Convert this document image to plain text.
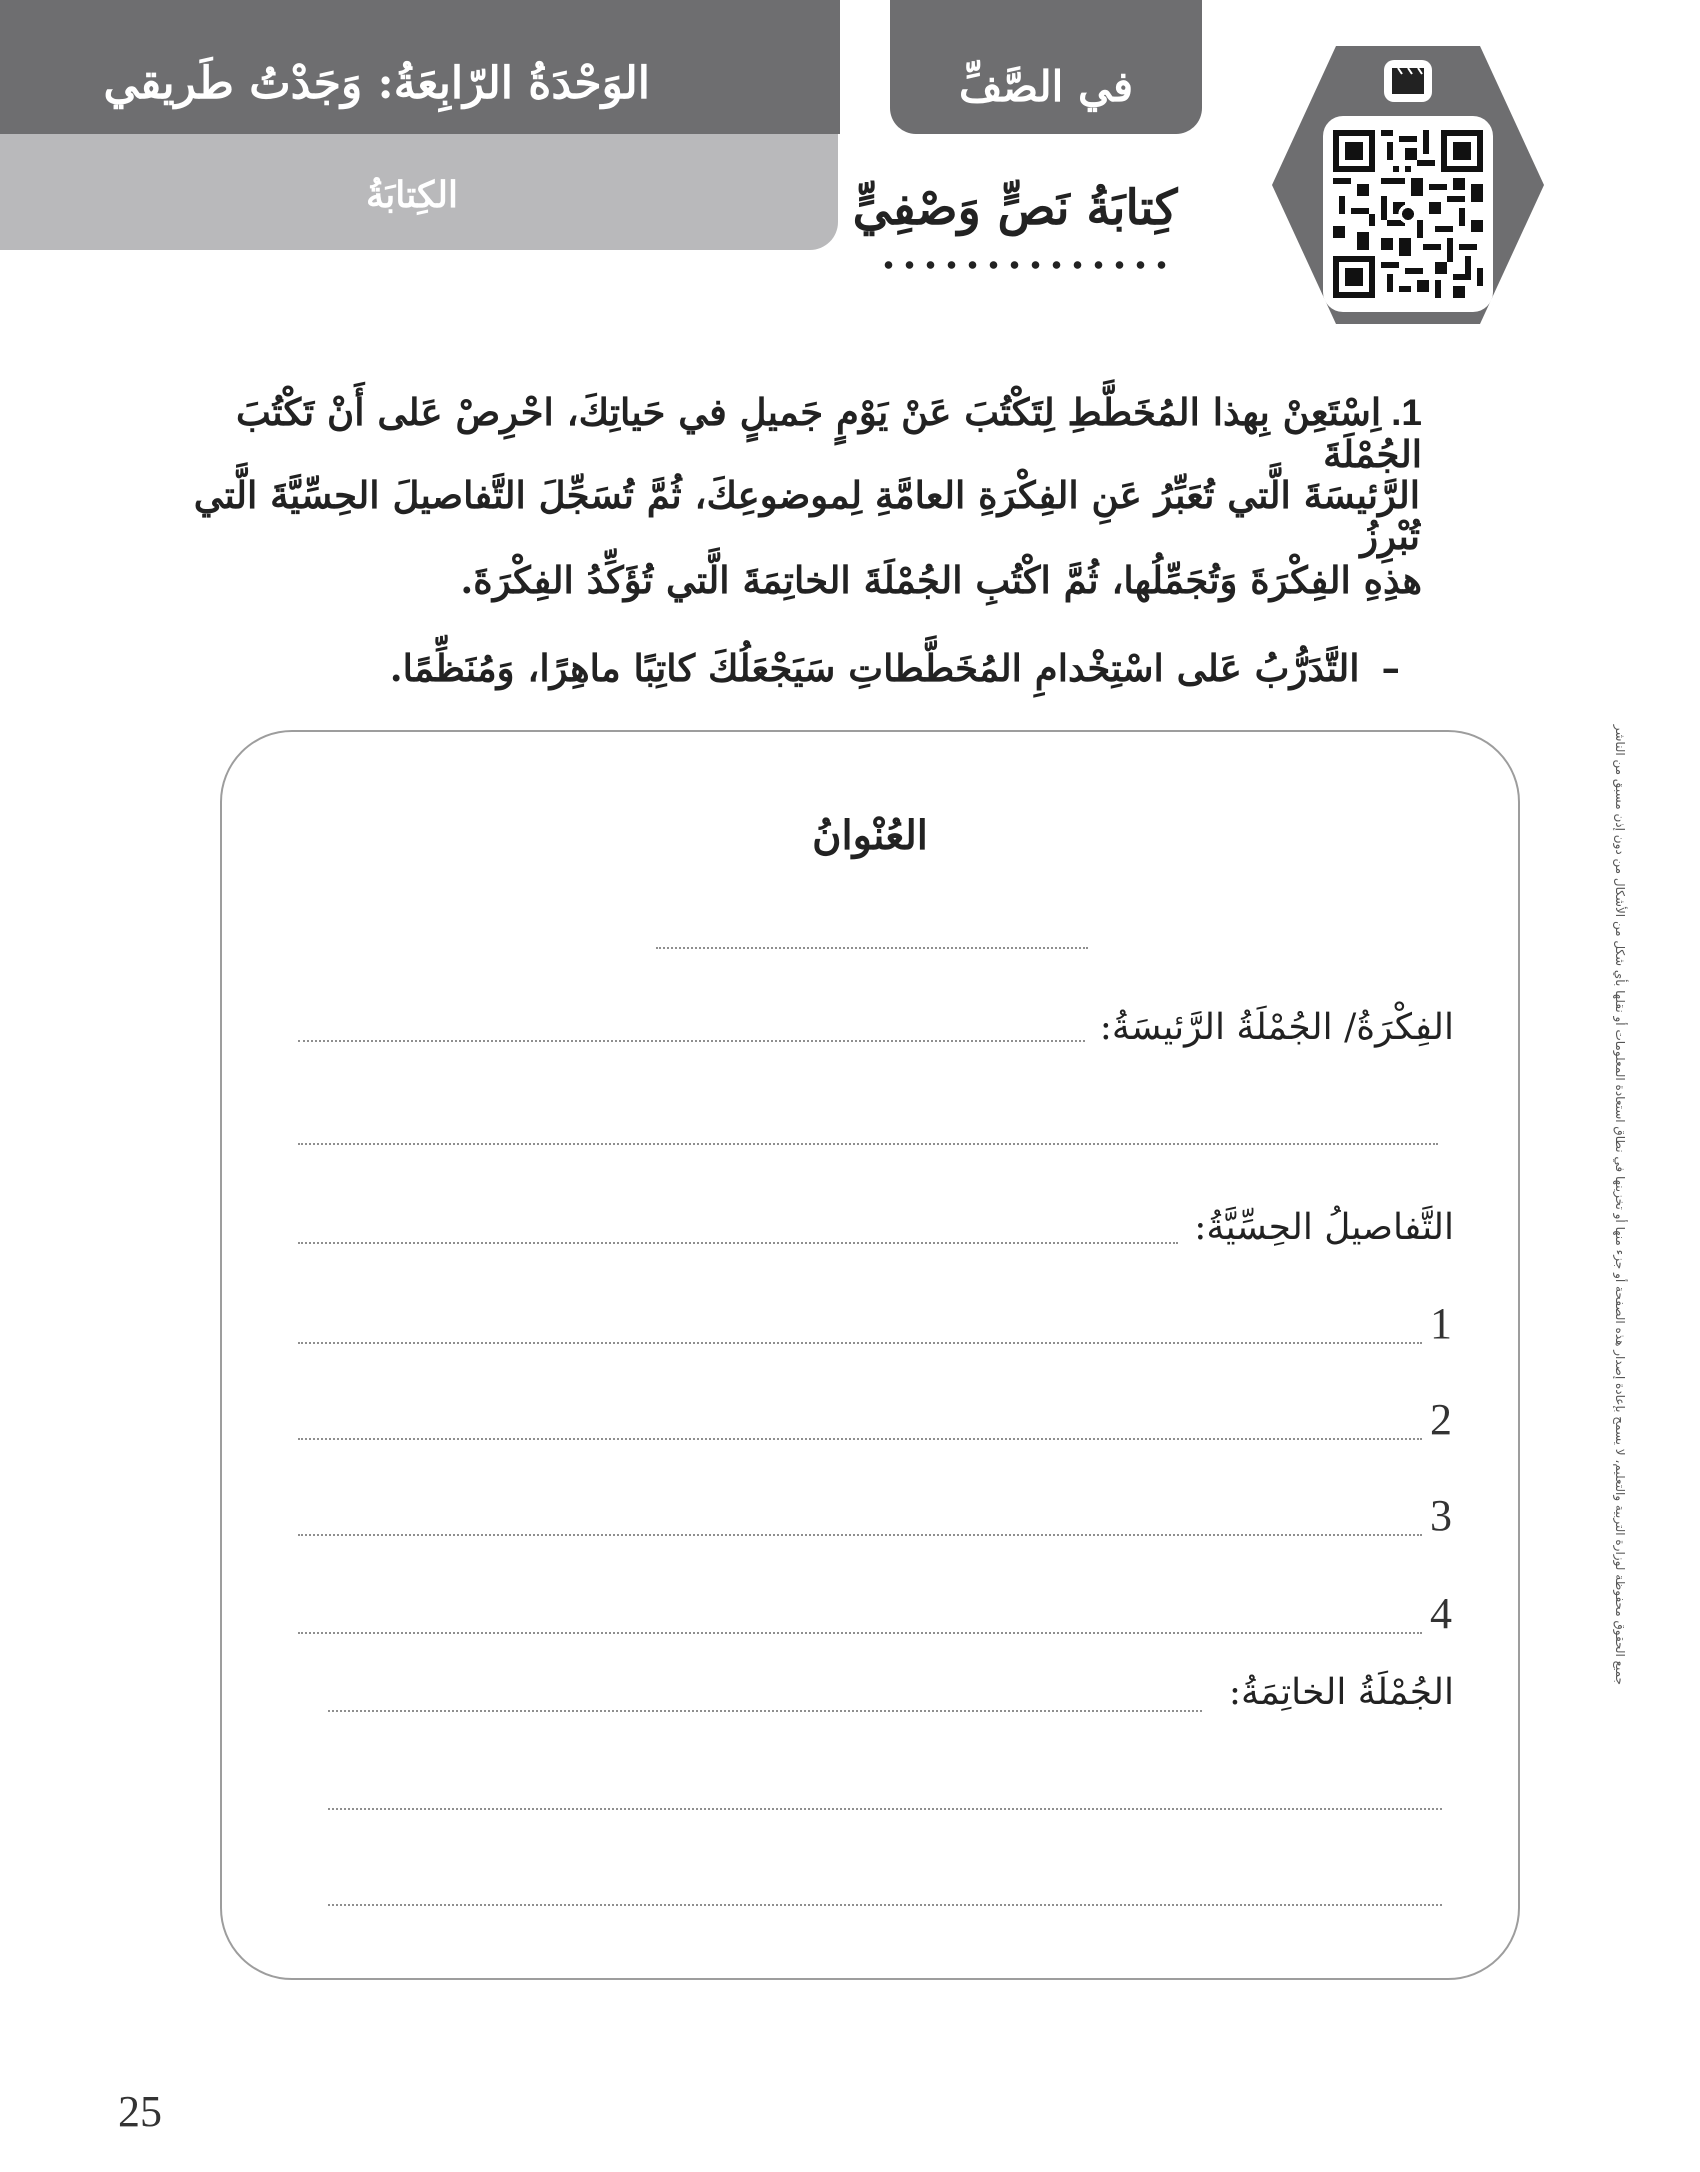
الوَحْدَةُ الرّابِعَةُ: وَجَدْتُ طَريقي
الكِتابَةُ
في الصَّفِّ
كِتابَةُ نَصٍّ وَصْفِيٍّ
1.اِسْتَعِنْ بِهذا المُخَطَّطِ لِتَكْتُبَ عَنْ يَوْمٍ جَميلٍ في حَياتِكَ، احْرِصْ عَلى أَنْ تَكْتُبَ الجُمْلَةَ
الرَّئيسَةَ الَّتي تُعَبِّرُ عَنِ الفِكْرَةِ العامَّةِ لِموضوعِكَ، ثُمَّ تُسَجِّلَ التَّفاصيلَ الحِسِّيَّةَ الَّتي تُبْرِزُ
هذِهِ الفِكْرَةَ وَتُجَمِّلُها، ثُمَّ اكْتُبِ الجُمْلَةَ الخاتِمَةَ الَّتي تُؤَكِّدُ الفِكْرَةَ.
–التَّدَرُّبُ عَلى اسْتِخْدامِ المُخَطَّطاتِ سَيَجْعَلُكَ كاتِبًا ماهِرًا، وَمُنَظِّمًا.
جميع الحقوق محفوظة لوزارة التربية والتعليم، لا يسمح بإعادة إصدار هذه الصفحة أو جزء منها أو تخزينها في نطاق استعادة المعلومات أو نقلها بأي شكل من الأشكال من دون إذن مسبق من الناشر
العُنْوانُ
الفِكْرَةُ/ الجُمْلَةُ الرَّئيسَةُ:
التَّفاصيلُ الحِسِّيَّةُ:
1
2
3
4
الجُمْلَةُ الخاتِمَةُ:
25
